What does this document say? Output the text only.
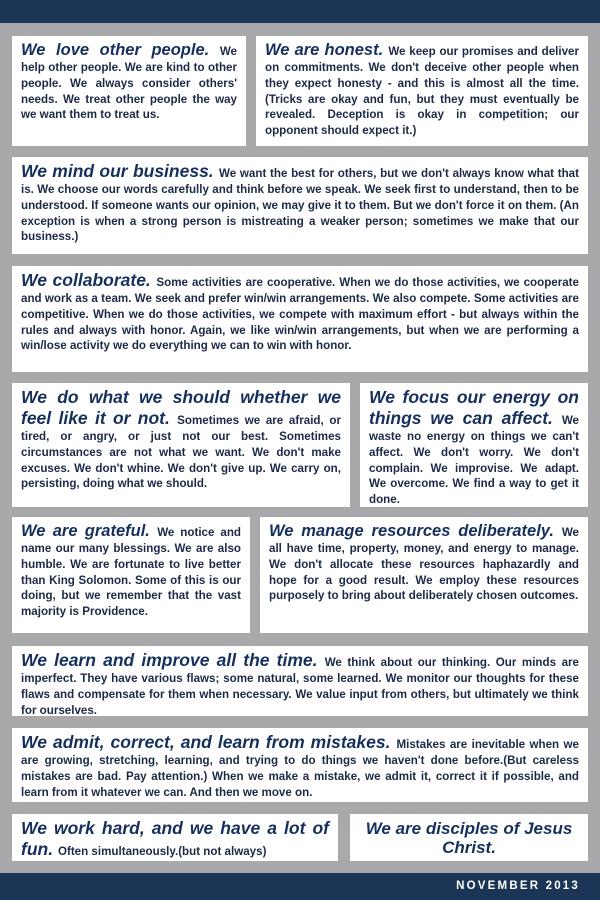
We love other people. We help other people. We are kind to other people. We always consider others' needs. We treat other people the way we want them to treat us.
We are honest. We keep our promises and deliver on commitments. We don't deceive other people when they expect honesty - and this is almost all the time. (Tricks are okay and fun, but they must eventually be revealed. Deception is okay in competition; our opponent should expect it.)
We mind our business. We want the best for others, but we don't always know what that is. We choose our words carefully and think before we speak. We seek first to understand, then to be understood. If someone wants our opinion, we may give it to them. But we don't force it on them. (An exception is when a strong person is mistreating a weaker person; sometimes we make that our business.)
We collaborate. Some activities are cooperative. When we do those activities, we cooperate and work as a team. We seek and prefer win/win arrangements. We also compete. Some activities are competitive. When we do those activities, we compete with maximum effort - but always within the rules and always with honor. Again, we like win/win arrangements, but when we are performing a win/lose activity we do everything we can to win with honor.
We do what we should whether we feel like it or not. Sometimes we are afraid, or tired, or angry, or just not our best. Sometimes circumstances are not what we want. We don't make excuses. We don't whine. We don't give up. We carry on, persisting, doing what we should.
We focus our energy on things we can affect. We waste no energy on things we can't affect. We don't worry. We don't complain. We improvise. We adapt. We overcome. We find a way to get it done.
We are grateful. We notice and name our many blessings. We are also humble. We are fortunate to live better than King Solomon. Some of this is our doing, but we remember that the vast majority is Providence.
We manage resources deliberately. We all have time, property, money, and energy to manage. We don't allocate these resources haphazardly and hope for a good result. We employ these resources purposely to bring about deliberately chosen outcomes.
We learn and improve all the time. We think about our thinking. Our minds are imperfect. They have various flaws; some natural, some learned. We monitor our thoughts for these flaws and compensate for them when necessary. We value input from others, but ultimately we think for ourselves.
We admit, correct, and learn from mistakes. Mistakes are inevitable when we are growing, stretching, learning, and trying to do things we haven't done before.(But careless mistakes are bad. Pay attention.) When we make a mistake, we admit it, correct it if possible, and learn from it whatever we can. And then we move on.
We work hard, and we have a lot of fun. Often simultaneously.(but not always)
We are disciples of Jesus Christ.
NOVEMBER 2013
